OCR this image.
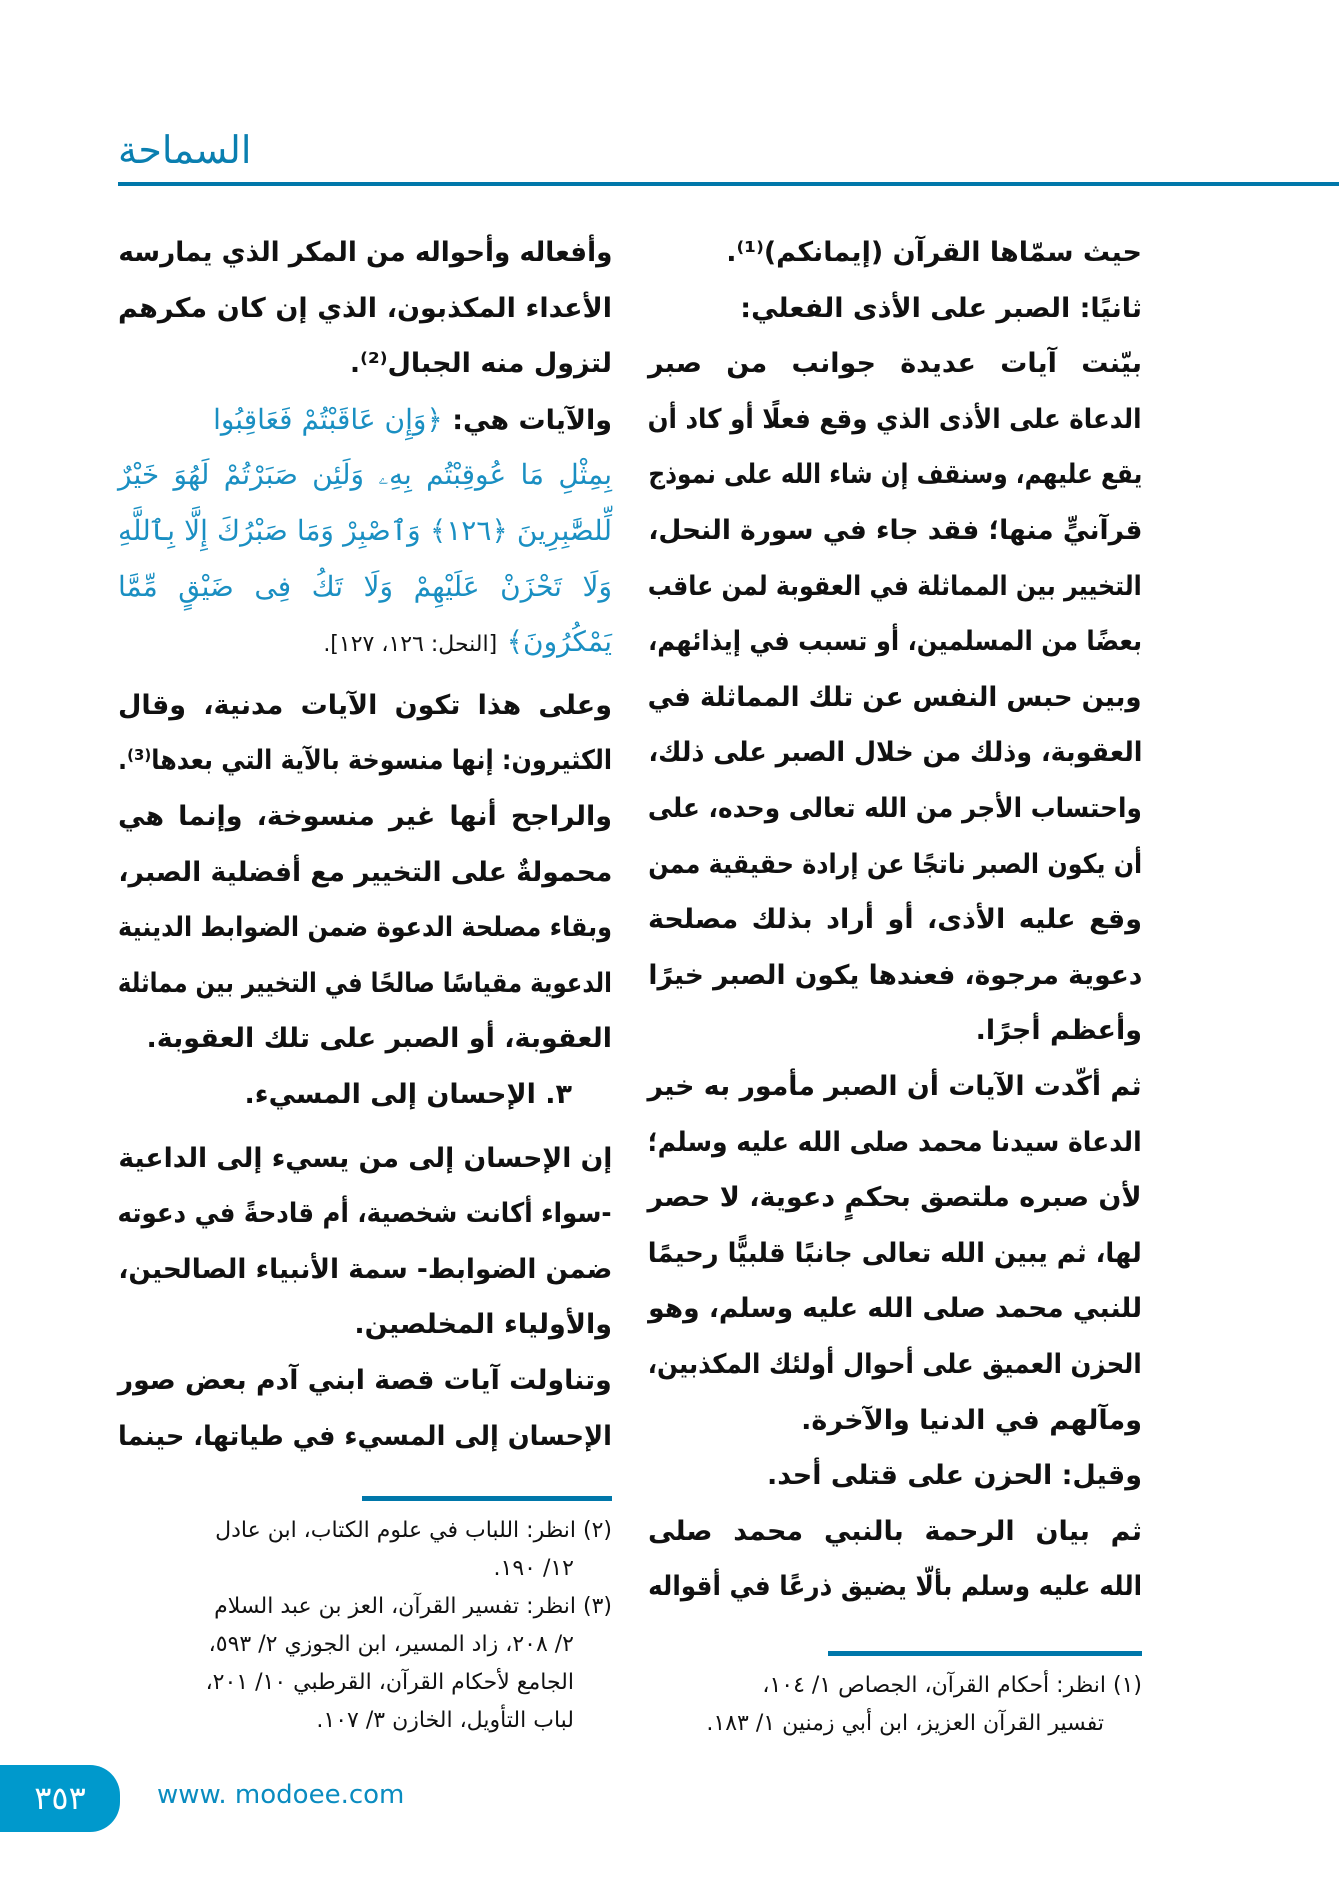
السماحة
حيث سمّاها القرآن (إيمانكم)⁽¹⁾.
ثانيًا: الصبر على الأذى الفعلي:
بيّنت آيات عديدة جوانب من صبر
الدعاة على الأذى الذي وقع فعلًا أو كاد أن
يقع عليهم، وسنقف إن شاء الله على نموذج
قرآنيٍّ منها؛ فقد جاء في سورة النحل،
التخيير بين المماثلة في العقوبة لمن عاقب
بعضًا من المسلمين، أو تسبب في إيذائهم،
وبين حبس النفس عن تلك المماثلة في
العقوبة، وذلك من خلال الصبر على ذلك،
واحتساب الأجر من الله تعالى وحده، على
أن يكون الصبر ناتجًا عن إرادة حقيقية ممن
وقع عليه الأذى، أو أراد بذلك مصلحة
دعوية مرجوة، فعندها يكون الصبر خيرًا
وأعظم أجرًا.
ثم أكّدت الآيات أن الصبر مأمور به خير
الدعاة سيدنا محمد صلى الله عليه وسلم؛
لأن صبره ملتصق بحكمٍ دعوية، لا حصر
لها، ثم يبين الله تعالى جانبًا قلبيًّا رحيمًا
للنبي محمد صلى الله عليه وسلم، وهو
الحزن العميق على أحوال أولئك المكذبين،
ومآلهم في الدنيا والآخرة.
وقيل: الحزن على قتلى أحد.
ثم بيان الرحمة بالنبي محمد صلى
الله عليه وسلم بألّا يضيق ذرعًا في أقواله
وأفعاله وأحواله من المكر الذي يمارسه
الأعداء المكذبون، الذي إن كان مكرهم
لتزول منه الجبال⁽²⁾.
والآيات هي: ﴿وَإِن عَاقَبْتُمْ فَعَاقِبُوا
بِمِثْلِ مَا عُوقِبْتُم بِهِۦ وَلَئِن صَبَرْتُمْ لَهُوَ خَيْرٌ
لِّلصَّٰبِرِينَ ﴿١٢٦﴾ وَٱصْبِرْ وَمَا صَبْرُكَ إِلَّا بِٱللَّهِ
وَلَا تَحْزَنْ عَلَيْهِمْ وَلَا تَكُ فِى ضَيْقٍ مِّمَّا
يَمْكُرُونَ﴾ [النحل: ١٢٦، ١٢٧].
وعلى هذا تكون الآيات مدنية، وقال
الكثيرون: إنها منسوخة بالآية التي بعدها⁽³⁾.
والراجح أنها غير منسوخة، وإنما هي
محمولةٌ على التخيير مع أفضلية الصبر،
وبقاء مصلحة الدعوة ضمن الضوابط الدينية
الدعوية مقياسًا صالحًا في التخيير بين مماثلة
العقوبة، أو الصبر على تلك العقوبة.
٣. الإحسان إلى المسيء.
إن الإحسان إلى من يسيء إلى الداعية
-سواء أكانت شخصية، أم قادحةً في دعوته
ضمن الضوابط- سمة الأنبياء الصالحين،
والأولياء المخلصين.
وتناولت آيات قصة ابني آدم بعض صور
الإحسان إلى المسيء في طياتها، حينما
(٢) انظر: اللباب في علوم الكتاب، ابن عادل
١٢/ ١٩٠.
(٣) انظر: تفسير القرآن، العز بن عبد السلام
٢/ ٢٠٨، زاد المسير، ابن الجوزي ٢/ ٥٩٣،
الجامع لأحكام القرآن، القرطبي ١٠/ ٢٠١،
لباب التأويل، الخازن ٣/ ١٠٧.
(١) انظر: أحكام القرآن، الجصاص ١/ ١٠٤،
تفسير القرآن العزيز، ابن أبي زمنين ١/ ١٨٣.
٣٥٣	www. modoee.com
